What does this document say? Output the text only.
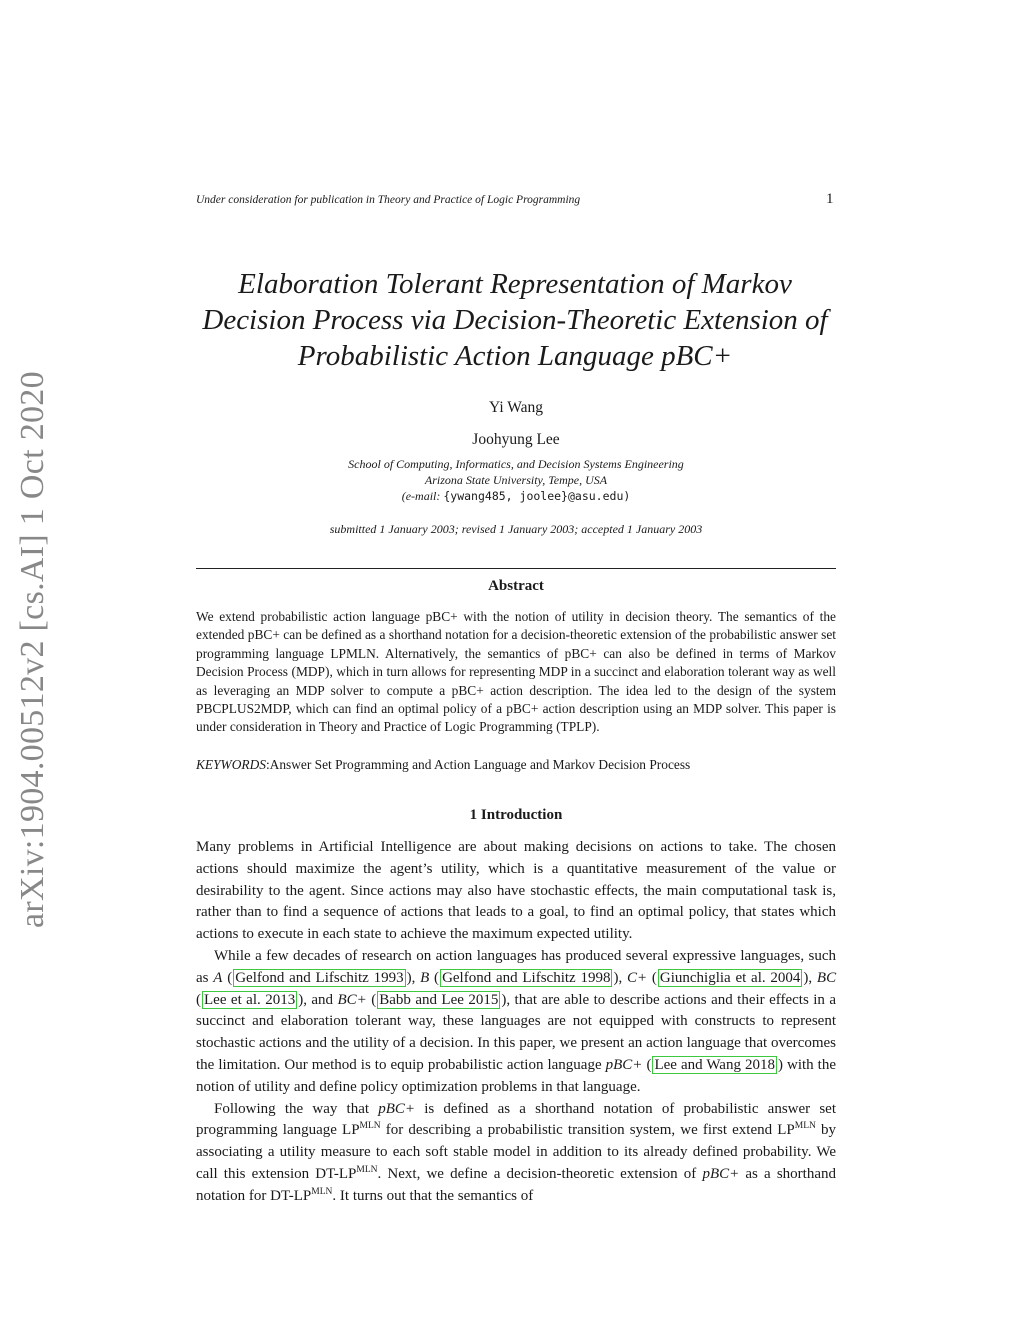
Under consideration for publication in Theory and Practice of Logic Programming	1
arXiv:1904.00512v2 [cs.AI] 1 Oct 2020
Elaboration Tolerant Representation of Markov
Decision Process via Decision-Theoretic Extension of
Probabilistic Action Language pBC+
Yi Wang
Joohyung Lee
School of Computing, Informatics, and Decision Systems Engineering
Arizona State University, Tempe, USA
(e-mail: {ywang485, joolee}@asu.edu)
submitted 1 January 2003; revised 1 January 2003; accepted 1 January 2003
Abstract
We extend probabilistic action language pBC+ with the notion of utility in decision theory. The semantics of the extended pBC+ can be defined as a shorthand notation for a decision-theoretic extension of the probabilistic answer set programming language LPMLN. Alternatively, the semantics of pBC+ can also be defined in terms of Markov Decision Process (MDP), which in turn allows for representing MDP in a succinct and elaboration tolerant way as well as leveraging an MDP solver to compute a pBC+ action description. The idea led to the design of the system PBCPLUS2MDP, which can find an optimal policy of a pBC+ action description using an MDP solver. This paper is under consideration in Theory and Practice of Logic Programming (TPLP).
KEYWORDS:Answer Set Programming and Action Language and Markov Decision Process
1 Introduction

Many problems in Artificial Intelligence are about making decisions on actions to take. The chosen actions should maximize the agent’s utility, which is a quantitative measurement of the value or desirability to the agent. Since actions may also have stochastic effects, the main computational task is, rather than to find a sequence of actions that leads to a goal, to find an optimal policy, that states which actions to execute in each state to achieve the maximum expected utility.

While a few decades of research on action languages has produced several expressive languages, such as A ( Gelfond and Lifschitz 1993 ), B ( Gelfond and Lifschitz 1998 ), C+ ( Giunchiglia et al. 2004 ), BC ( Lee et al. 2013 ), and BC+ ( Babb and Lee 2015 ), that are able to describe actions and their effects in a succinct and elaboration tolerant way, these languages are not equipped with constructs to represent stochastic actions and the utility of a decision. In this paper, we present an action language that overcomes the limitation. Our method is to equip probabilistic action language pBC+ ( Lee and Wang 2018 ) with the notion of utility and define policy optimization problems in that language.

Following the way that pBC+ is defined as a shorthand notation of probabilistic answer set programming language $LP^{MLN}$ for describing a probabilistic transition system, we first extend $LP^{MLN}$ by associating a utility measure to each soft stable model in addition to its already defined probability. We call this extension $DT-LP^{MLN}$. Next, we define a decision-theoretic extension of pBC+ as a shorthand notation for $DT-LP^{MLN}$. It turns out that the semantics of
